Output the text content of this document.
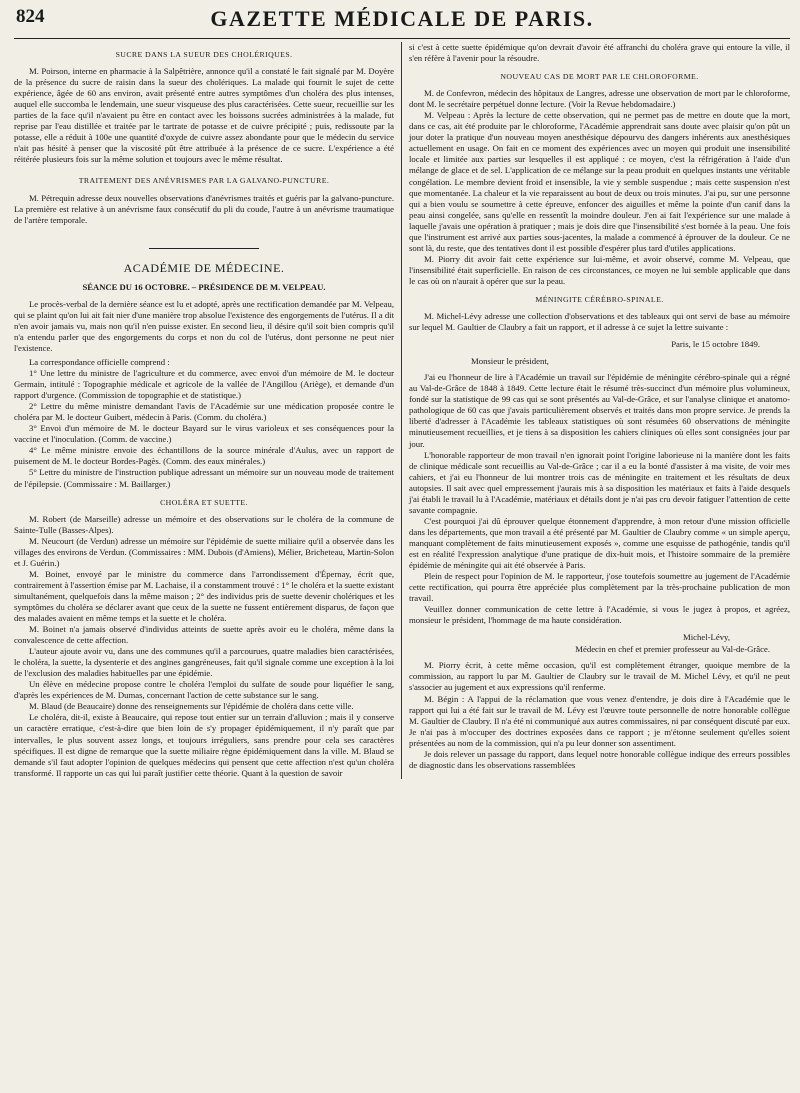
824	GAZETTE MÉDICALE DE PARIS.
SUCRE DANS LA SUEUR DES CHOLÉRIQUES.

M. Poirson, interne en pharmacie à la Salpêtrière, annonce qu'il a constaté le fait signalé par M. Doyère de la présence du sucre de raisin dans la sueur des cholériques. La malade qui fournit le sujet de cette expérience, âgée de 60 ans environ, avait présenté entre autres symptômes d'un choléra des plus intenses, auquel elle succomba le lendemain, une sueur visqueuse des plus caractérisées. Cette sueur, recueillie sur les parties de la face qu'il n'avaient pu être en contact avec les boissons sucrées administrées à la malade, fut reprise par l'eau distillée et traitée par le tartrate de potasse et de cuivre précipité ; puis, redissoute par la potasse, elle a réduit à 100e une quantité d'oxyde de cuivre assez abondante pour que le médecin du service n'ait pas hésité à penser que la viscosité pût être attribuée à la présence de ce sucre. L'expérience a été réitérée plusieurs fois sur la même solution et toujours avec le même résultat.

TRAITEMENT DES ANÉVRISMES PAR LA GALVANO-PUNCTURE.

M. Pétrequin adresse deux nouvelles observations d'anévrismes traités et guéris par la galvano-puncture. La première est relative à un anévrisme faux consécutif du pli du coude, l'autre à un anévrisme traumatique de l'artère temporale.

ACADÉMIE DE MÉDECINE.
SÉANCE DU 16 OCTOBRE. – PRÉSIDENCE DE M. VELPEAU.

Le procès-verbal de la dernière séance est lu et adopté, après une rectification demandée par M. Velpeau, qui se plaint qu'on lui ait fait nier d'une manière trop absolue l'existence des engorgements de l'utérus. Il a dit n'en avoir jamais vu, mais non qu'il n'en puisse exister. En second lieu, il désire qu'il soit bien compris qu'il n'a entendu parler que des engorgements du corps et non du col de l'utérus, dont personne ne peut nier l'existence.

La correspondance officielle comprend :

1° Une lettre du ministre de l'agriculture et du commerce, avec envoi d'un mémoire de M. le docteur Germain, intitulé : Topographie médicale et agricole de la vallée de l'Angillou (Ariège), et demande d'un rapport d'urgence. (Commission de topographie et de statistique.)

2° Lettre du même ministre demandant l'avis de l'Académie sur une médication proposée contre le choléra par M. le docteur Guibert, médecin à Paris. (Comm. du choléra.)

3° Envoi d'un mémoire de M. le docteur Bayard sur le virus varioleux et ses conséquences pour la vaccine et l'inoculation. (Comm. de vaccine.)

4° Le même ministre envoie des échantillons de la source minérale d'Aulus, avec un rapport de puisement de M. le docteur Bordes-Pagès. (Comm. des eaux minérales.)

5° Lettre du ministre de l'instruction publique adressant un mémoire sur un nouveau mode de traitement de l'épilepsie. (Commissaire : M. Baillarger.)

CHOLÉRA ET SUETTE.

M. Robert (de Marseille) adresse un mémoire et des observations sur le choléra de la commune de Sainte-Tulle (Basses-Alpes).

M. Neucourt (de Verdun) adresse un mémoire sur l'épidémie de suette miliaire qu'il a observée dans les villages des environs de Verdun. (Commissaires : MM. Dubois (d'Amiens), Mélier, Bricheteau, Martin-Solon et J. Guérin.)

M. Boinet, envoyé par le ministre du commerce dans l'arrondissement d'Épernay, écrit que, contrairement à l'assertion émise par M. Lachaise, il a constamment trouvé : 1° le choléra et la suette existant simultanément, quelquefois dans la même maison ; 2° des individus pris de suette devenir cholériques et les symptômes du choléra se déclarer avant que ceux de la suette ne fussent entièrement disparus, de façon que des malades avaient en même temps et la suette et le choléra.

M. Boinet n'a jamais observé d'individus atteints de suette après avoir eu le choléra, même dans la convalescence de cette affection.

L'auteur ajoute avoir vu, dans une des communes qu'il a parcourues, quatre maladies bien caractérisées, le choléra, la suette, la dysenterie et des angines gangréneuses, fait qu'il signale comme une exception à la loi de l'exclusion des maladies habituelles par une épidémie.

Un élève en médecine propose contre le choléra l'emploi du sulfate de soude pour liquéfier le sang, d'après les expériences de M. Dumas, concernant l'action de cette substance sur le sang.

M. Blaud (de Beaucaire) donne des renseignements sur l'épidémie de choléra dans cette ville.

Le choléra, dit-il, existe à Beaucaire, qui repose tout entier sur un terrain d'alluvion ; mais il y conserve un caractère erratique, c'est-à-dire que bien loin de s'y propager épidémiquement, il n'y paraît que par intervalles, le plus souvent assez longs, et toujours irréguliers, sans prendre pour cela ses caractères spécifiques. Il est digne de remarque que la suette miliaire règne épidémiquement dans la ville. M. Blaud se demande s'il faut adopter l'opinion de quelques médecins qui pensent que cette affection n'est qu'un choléra transformé. Il rapporte un cas qui lui paraît justifier cette théorie. Quant à la question de savoir

si c'est à cette suette épidémique qu'on devrait d'avoir été affranchi du choléra grave qui entoure la ville, il s'en réfère à l'avenir pour la résoudre.

NOUVEAU CAS DE MORT PAR LE CHLOROFORME.

M. de Confevron, médecin des hôpitaux de Langres, adresse une observation de mort par le chloroforme, dont M. le secrétaire perpétuel donne lecture. (Voir la Revue hebdomadaire.)

M. Velpeau : Après la lecture de cette observation, qui ne permet pas de mettre en doute que la mort, dans ce cas, ait été produite par le chloroforme, l'Académie apprendrait sans doute avec plaisir qu'on pût un jour doter la pratique d'un nouveau moyen anesthésique dépourvu des dangers inhérents aux anesthésiques actuellement en usage. On fait en ce moment des expériences avec un moyen qui produit une insensibilité locale et limitée aux parties sur lesquelles il est appliqué : ce moyen, c'est la réfrigération à l'aide d'un mélange de glace et de sel. L'application de ce mélange sur la peau produit en quelques instants une véritable congélation. Le membre devient froid et insensible, la vie y semble suspendue ; mais cette suspension n'est que momentanée. La chaleur et la vie reparaissent au bout de deux ou trois minutes. J'ai pu, sur une personne qui a bien voulu se soumettre à cette épreuve, enfoncer des aiguilles et même la pointe d'un canif dans la peau ainsi congelée, sans qu'elle en ressentît la moindre douleur. J'en ai fait l'expérience sur une malade à laquelle j'avais une opération à pratiquer ; mais je dois dire que l'insensibilité s'est bornée à la peau. Une fois que l'instrument est arrivé aux parties sous-jacentes, la malade a commencé à éprouver de la douleur. Ce ne sont là, du reste, que des tentatives dont il est possible d'espérer plus tard d'utiles applications.

M. Piorry dit avoir fait cette expérience sur lui-même, et avoir observé, comme M. Velpeau, que l'insensibilité était superficielle. En raison de ces circonstances, ce moyen ne lui semble applicable que dans le cas où on n'aurait à opérer que sur la peau.

MÉNINGITE CÉRÉBRO-SPINALE.

M. Michel-Lévy adresse une collection d'observations et des tableaux qui ont servi de base au mémoire sur lequel M. Gaultier de Claubry a fait un rapport, et il adresse à ce sujet la lettre suivante :

Paris, le 15 octobre 1849.

Monsieur le président,

J'ai eu l'honneur de lire à l'Académie un travail sur l'épidémie de méningite cérébro-spinale qui a régné au Val-de-Grâce de 1848 à 1849. Cette lecture était le résumé très-succinct d'un mémoire plus volumineux, fondé sur la statistique de 99 cas qui se sont présentés au Val-de-Grâce, et sur l'analyse clinique et anatomo-pathologique de 60 cas que j'avais particulièrement observés et traités dans mon propre service. Je prends la liberté d'adresser à l'Académie les tableaux statistiques où sont résumées 60 observations de méningite minutieusement recueillies, et je tiens à sa disposition les cahiers cliniques où elles sont consignées jour par jour.

L'honorable rapporteur de mon travail n'en ignorait point l'origine laborieuse ni la manière dont les faits de clinique médicale sont recueillis au Val-de-Grâce ; car il a eu la bonté d'assister à ma visite, de voir mes cahiers, et j'ai eu l'honneur de lui montrer trois cas de méningite en traitement et les résultats de deux autopsies. Il sait avec quel empressement j'aurais mis à sa disposition les matériaux et faits à l'aide desquels j'ai établi le travail lu à l'Académie, matériaux et détails dont je n'ai pas cru devoir fatiguer l'attention de cette savante compagnie.

C'est pourquoi j'ai dû éprouver quelque étonnement d'apprendre, à mon retour d'une mission officielle dans les départements, que mon travail a été présenté par M. Gaultier de Claubry comme « un simple aperçu, manquant complètement de faits minutieusement exposés », comme une esquisse de pathogénie, tandis qu'il est en réalité l'expression analytique d'une pratique de dix-huit mois, et l'histoire sommaire de la première épidémie de méningite qui ait été observée à Paris.

Plein de respect pour l'opinion de M. le rapporteur, j'ose toutefois soumettre au jugement de l'Académie cette rectification, qui pourra être appréciée plus complètement par la très-prochaine publication de mon travail.

Veuillez donner communication de cette lettre à l'Académie, si vous le jugez à propos, et agréez, monsieur le président, l'hommage de ma haute considération.

Michel-Lévy,

Médecin en chef et premier professeur au Val-de-Grâce.

M. Piorry écrit, à cette même occasion, qu'il est complètement étranger, quoique membre de la commission, au rapport lu par M. Gaultier de Claubry sur le travail de M. Michel Lévy, et qu'il ne peut s'associer au jugement et aux expressions qu'il renferme.

M. Bégin : A l'appui de la réclamation que vous venez d'entendre, je dois dire à l'Académie que le rapport qui lui a été fait sur le travail de M. Lévy est l'œuvre toute personnelle de notre honorable collègue M. Gaultier de Claubry. Il n'a été ni communiqué aux autres commissaires, ni par conséquent discuté par eux. Je n'ai pas à m'occuper des doctrines exposées dans ce rapport ; je m'étonne seulement qu'elles soient présentées au nom de la commission, qui n'a pu leur donner son assentiment.

Je dois relever un passage du rapport, dans lequel notre honorable collègue indique des erreurs possibles de diagnostic dans les observations rassemblées
